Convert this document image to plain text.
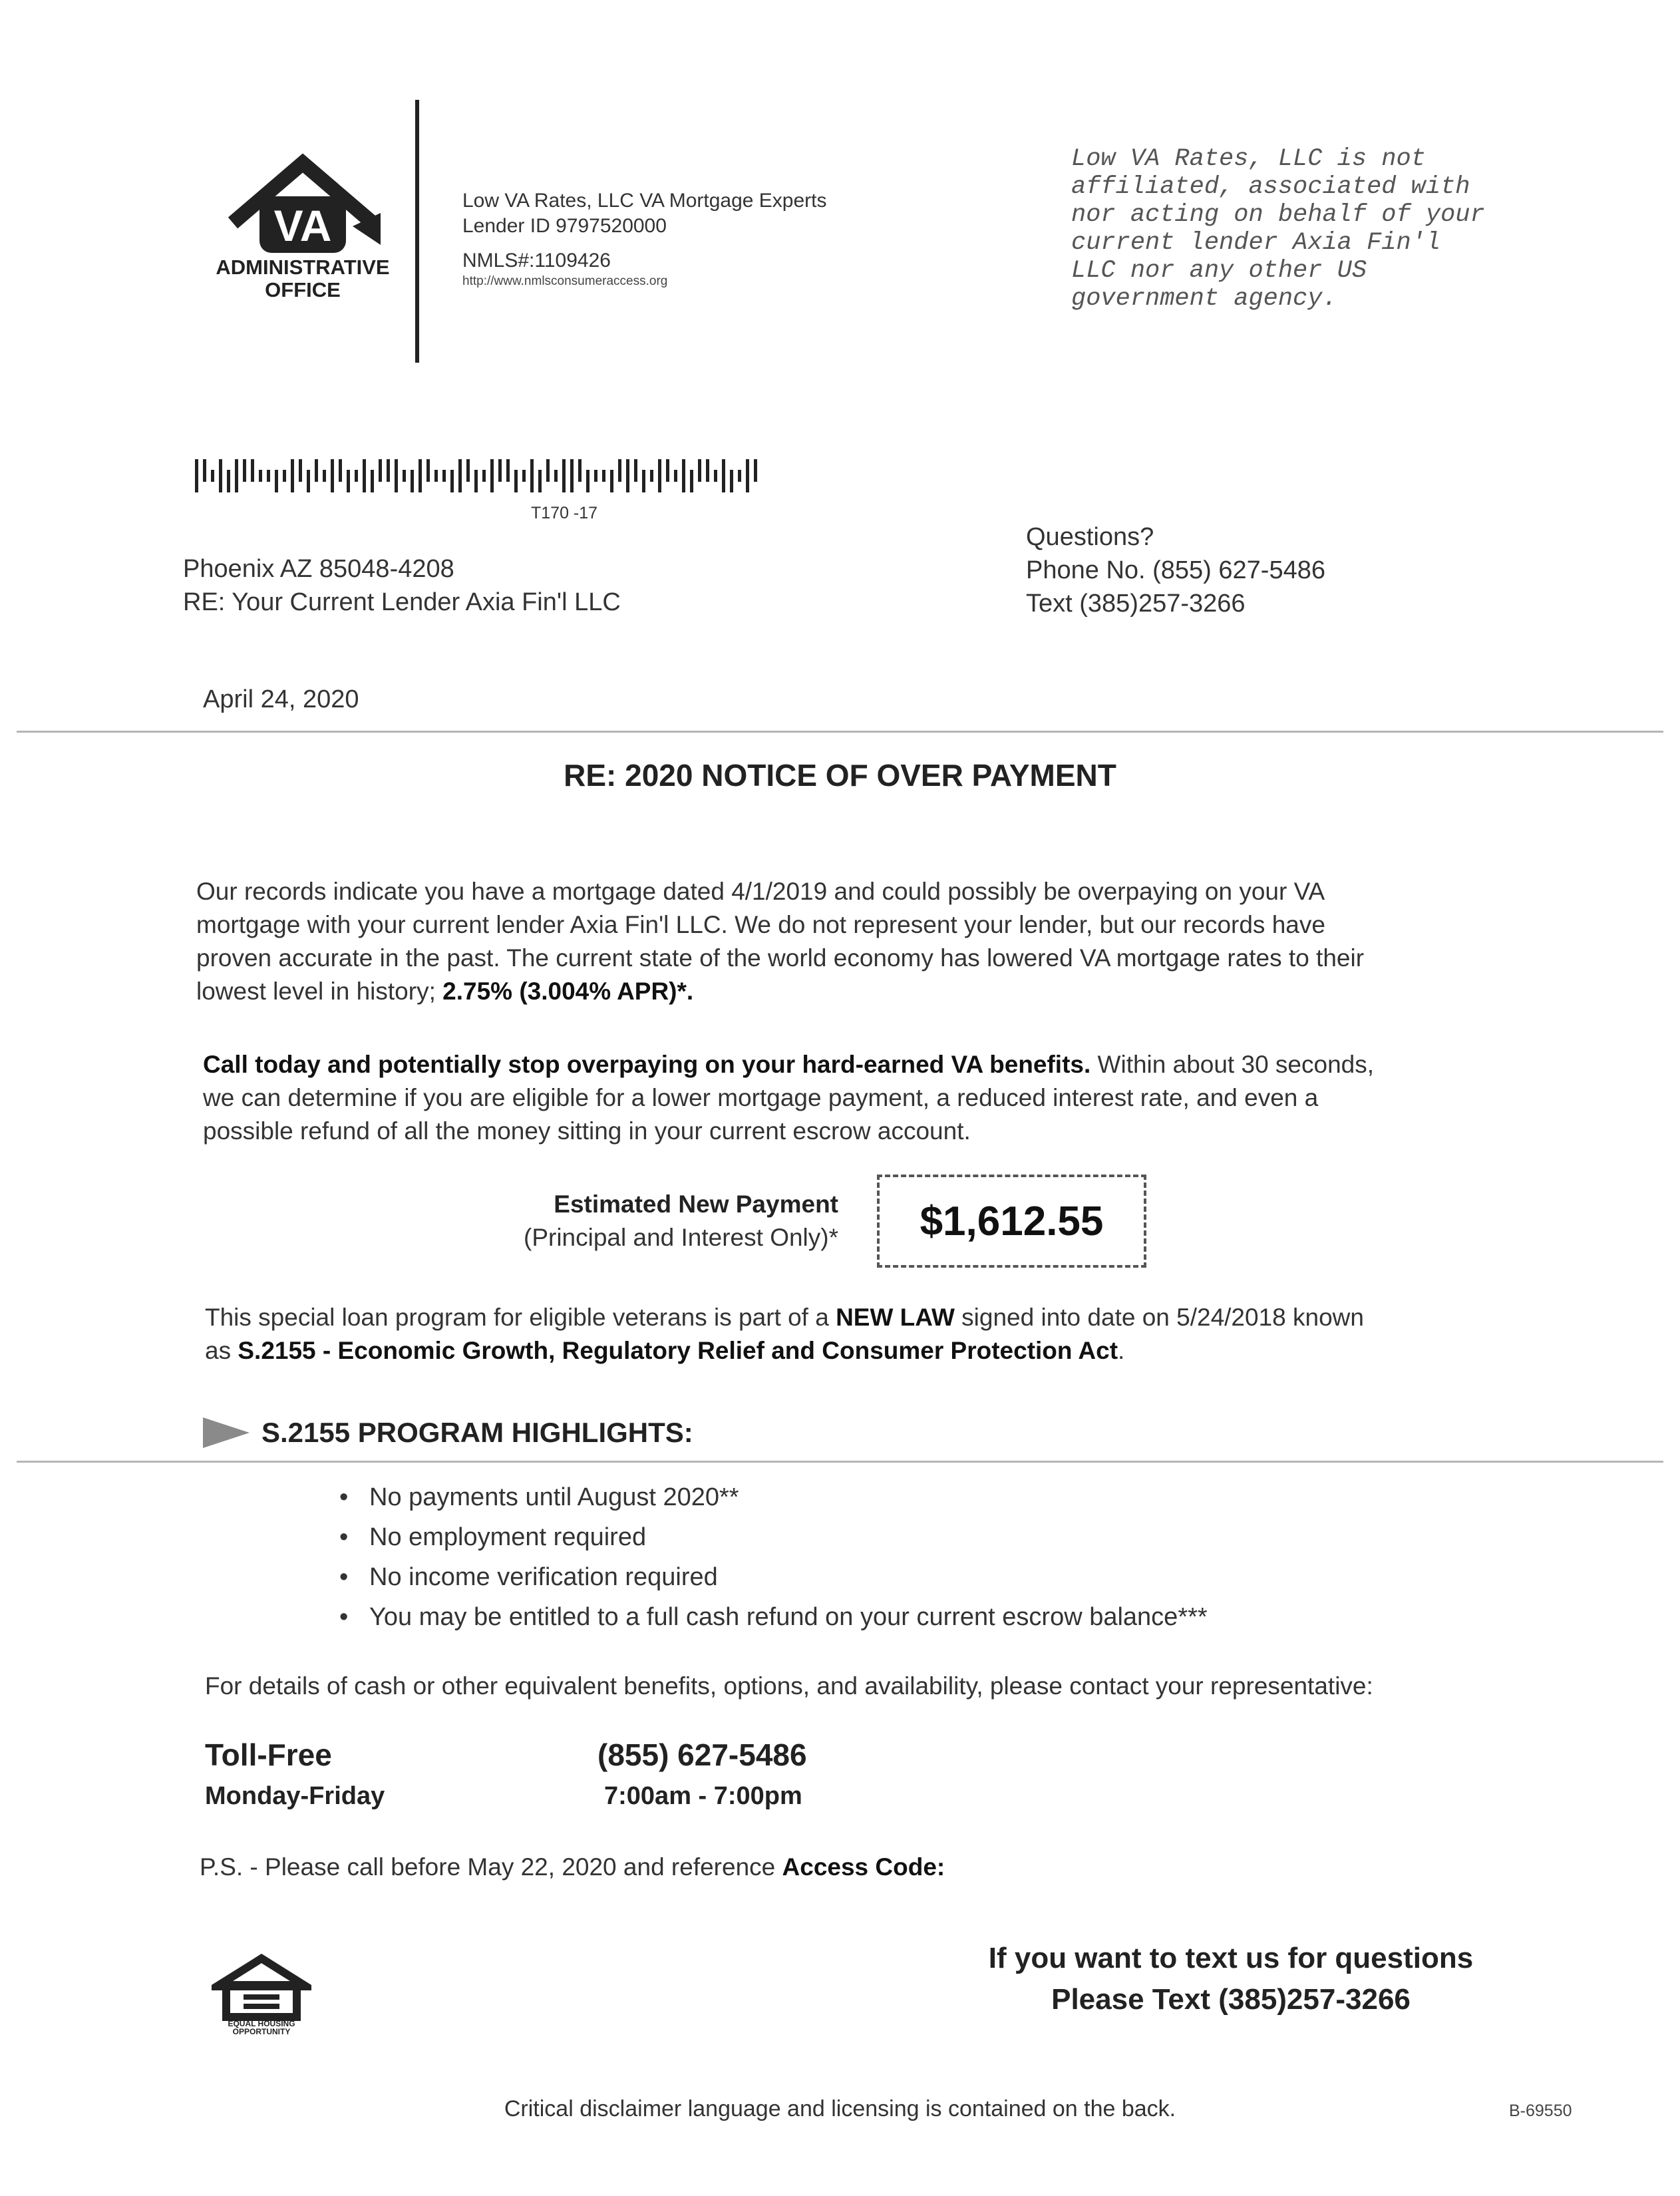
VA
ADMINISTRATIVE
OFFICE
Low VA Rates, LLC VA Mortgage Experts
Lender ID 9797520000
NMLS#:1109426
http://www.nmlsconsumeraccess.org
Low VA Rates, LLC is not
affiliated, associated with
nor acting on behalf of your
current lender Axia Fin'l
LLC nor any other US
government agency.
T170 -17
Phoenix AZ 85048-4208
RE: Your Current Lender Axia Fin'l LLC
Questions?
Phone No. (855) 627-5486
Text (385)257-3266
April 24, 2020
RE: 2020 NOTICE OF OVER PAYMENT
Our records indicate you have a mortgage dated 4/1/2019 and could possibly be overpaying on your VA
mortgage with your current lender Axia Fin'l LLC. We do not represent your lender, but our records have
proven accurate in the past. The current state of the world economy has lowered VA mortgage rates to their
lowest level in history; 2.75% (3.004% APR)*.
Call today and potentially stop overpaying on your hard-earned VA benefits. Within about 30 seconds,
we can determine if you are eligible for a lower mortgage payment, a reduced interest rate, and even a
possible refund of all the money sitting in your current escrow account.
Estimated New Payment
(Principal and Interest Only)*	$1,612.55
This special loan program for eligible veterans is part of a NEW LAW signed into date on 5/24/2018 known
as S.2155 - Economic Growth, Regulatory Relief and Consumer Protection Act.
S.2155 PROGRAM HIGHLIGHTS:
• No payments until August 2020**
• No employment required
• No income verification required
• You may be entitled to a full cash refund on your current escrow balance***
For details of cash or other equivalent benefits, options, and availability, please contact your representative:
Toll-Free	(855) 627-5486
Monday-Friday	7:00am - 7:00pm
P.S. - Please call before May 22, 2020 and reference Access Code:
EQUAL HOUSING
OPPORTUNITY
If you want to text us for questions
Please Text (385)257-3266
Critical disclaimer language and licensing is contained on the back.	B-69550
